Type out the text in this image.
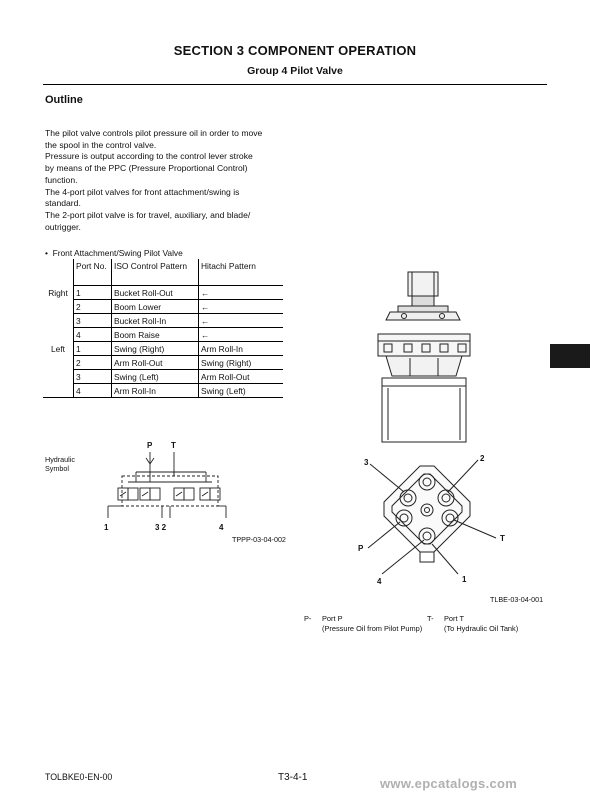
SECTION 3 COMPONENT OPERATION
Group 4 Pilot Valve
Outline
The pilot valve controls pilot pressure oil in order to move
the spool in the control valve.
Pressure is output according to the control lever stroke
by means of the PPC (Pressure Proportional Control)
function.
The 4-port pilot valves for front attachment/swing is
standard.
The 2-port pilot valve is for travel, auxiliary, and blade/
outrigger.
• Front Attachment/Swing Pilot Valve
	Port No.	ISO Control Pattern	Hitachi Pattern
Right	1	Bucket Roll-Out	←
	2	Boom Lower	←
	3	Bucket Roll-In	←
	4	Boom Raise	←
Left	1	Swing (Right)	Arm Roll-In
	2	Arm Roll-Out	Swing (Right)
	3	Swing (Left)	Arm Roll-Out
	4	Arm Roll-In	Swing (Left)
Hydraulic
Symbol
P T
1	3 2	4
TPPP-03-04-002
3	2
P
T
4	1
TLBE-03-04-001
P- Port P
(Pressure Oil from Pilot Pump)
T- Port T
(To Hydraulic Oil Tank)
TOLBKE0-EN-00	T3-4-1	www.epcatalogs.com
